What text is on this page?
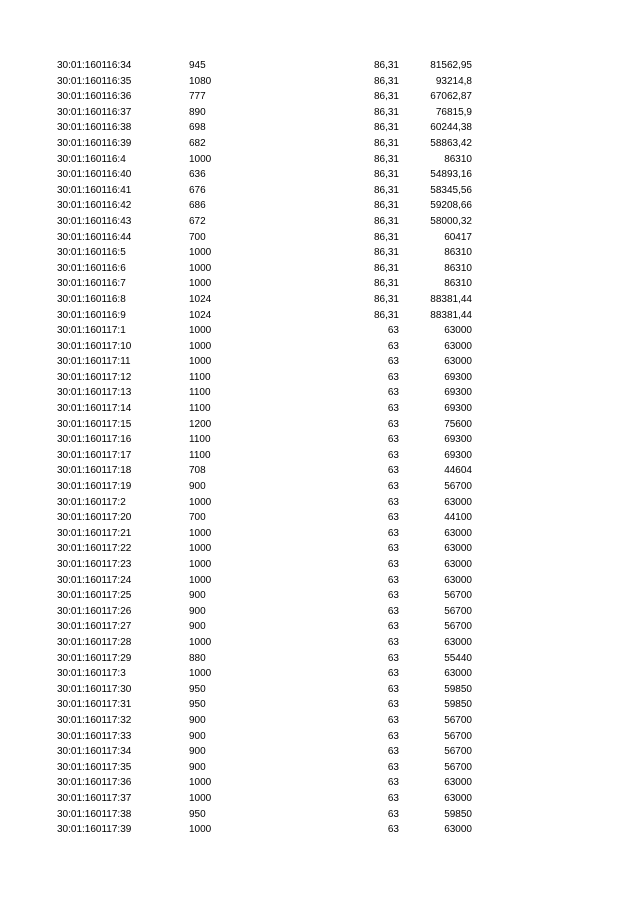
30:01:160116:34	945	86,31	81562,95
30:01:160116:35	1080	86,31	93214,8
30:01:160116:36	777	86,31	67062,87
30:01:160116:37	890	86,31	76815,9
30:01:160116:38	698	86,31	60244,38
30:01:160116:39	682	86,31	58863,42
30:01:160116:4	1000	86,31	86310
30:01:160116:40	636	86,31	54893,16
30:01:160116:41	676	86,31	58345,56
30:01:160116:42	686	86,31	59208,66
30:01:160116:43	672	86,31	58000,32
30:01:160116:44	700	86,31	60417
30:01:160116:5	1000	86,31	86310
30:01:160116:6	1000	86,31	86310
30:01:160116:7	1000	86,31	86310
30:01:160116:8	1024	86,31	88381,44
30:01:160116:9	1024	86,31	88381,44
30:01:160117:1	1000	63	63000
30:01:160117:10	1000	63	63000
30:01:160117:11	1000	63	63000
30:01:160117:12	1100	63	69300
30:01:160117:13	1100	63	69300
30:01:160117:14	1100	63	69300
30:01:160117:15	1200	63	75600
30:01:160117:16	1100	63	69300
30:01:160117:17	1100	63	69300
30:01:160117:18	708	63	44604
30:01:160117:19	900	63	56700
30:01:160117:2	1000	63	63000
30:01:160117:20	700	63	44100
30:01:160117:21	1000	63	63000
30:01:160117:22	1000	63	63000
30:01:160117:23	1000	63	63000
30:01:160117:24	1000	63	63000
30:01:160117:25	900	63	56700
30:01:160117:26	900	63	56700
30:01:160117:27	900	63	56700
30:01:160117:28	1000	63	63000
30:01:160117:29	880	63	55440
30:01:160117:3	1000	63	63000
30:01:160117:30	950	63	59850
30:01:160117:31	950	63	59850
30:01:160117:32	900	63	56700
30:01:160117:33	900	63	56700
30:01:160117:34	900	63	56700
30:01:160117:35	900	63	56700
30:01:160117:36	1000	63	63000
30:01:160117:37	1000	63	63000
30:01:160117:38	950	63	59850
30:01:160117:39	1000	63	63000
